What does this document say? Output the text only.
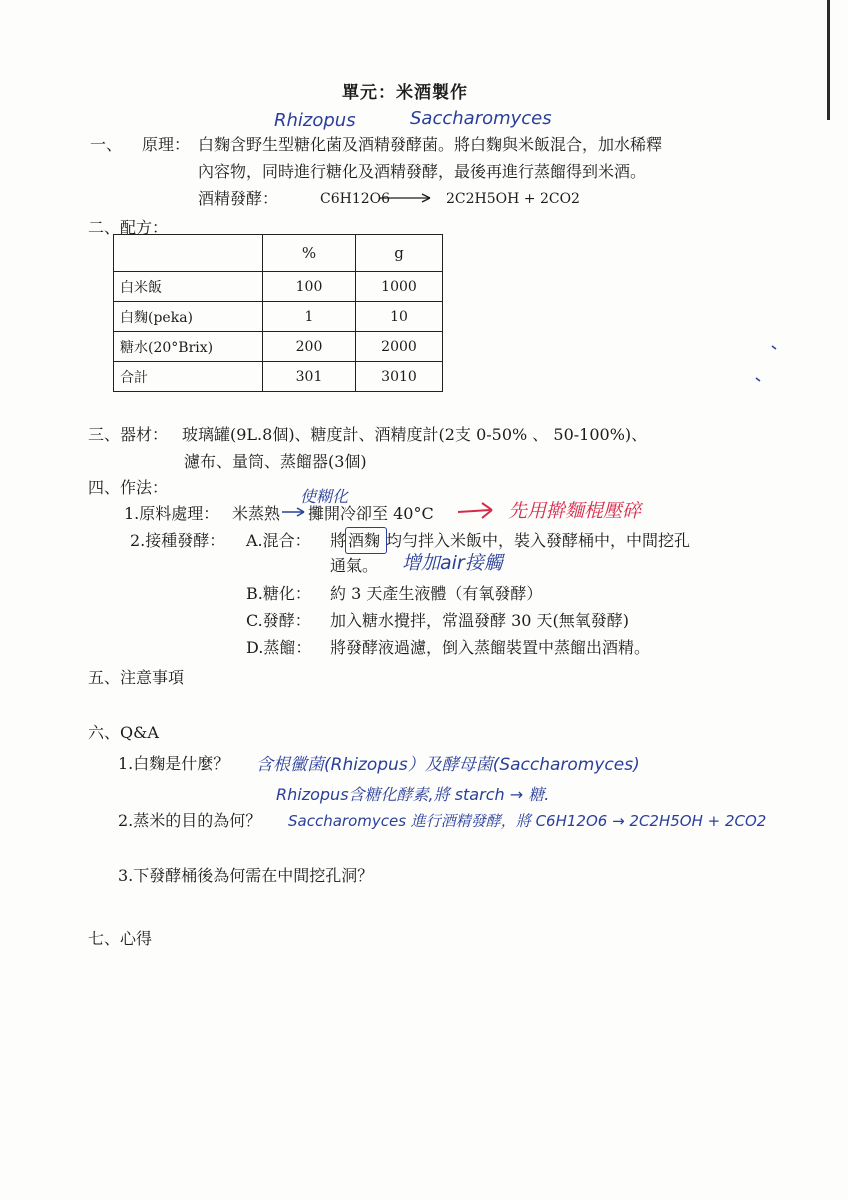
單元：米酒製作
Rhizopus	Saccharomyces
一、 原理： 白麴含野生型糖化菌及酒精發酵菌。將白麴與米飯混合，加水稀釋
內容物，同時進行糖化及酒精發酵，最後再進行蒸餾得到米酒。
酒精發酵：	C6H12O6	2C2H5OH + 2CO2
二、配方：
	%	g
白米飯	100	1000
白麴(peka)	1	10
糖水(20°Brix)	200	2000
合計	301	3010
三、器材： 玻璃罐(9L.8個)、糖度計、酒精度計(2支 0-50% 、 50-100%)、
濾布、量筒、蒸餾器(3個)
四、作法：	使糊化
1.原料處理： 米蒸熟 攤開冷卻至 40°C	先用擀麵棍壓碎
2.接種發酵： A.混合： 將 酒麴 均勻拌入米飯中，裝入發酵桶中，中間挖孔
通氣。 增加air接觸
B.糖化： 約 3 天產生液體（有氧發酵）
C.發酵： 加入糖水攪拌，常溫發酵 30 天(無氧發酵)
D.蒸餾： 將發酵液過濾，倒入蒸餾裝置中蒸餾出酒精。
五、注意事項
六、Q&A
1.白麴是什麼？ 含根黴菌(Rhizopus）及酵母菌(Saccharomyces)
Rhizopus含糖化酵素,將 starch → 糖.
2.蒸米的目的為何？ Saccharomyces 進行酒精發酵，將 C6H12O6 → 2C2H5OH + 2CO2
3.下發酵桶後為何需在中間挖孔洞？
七、心得
